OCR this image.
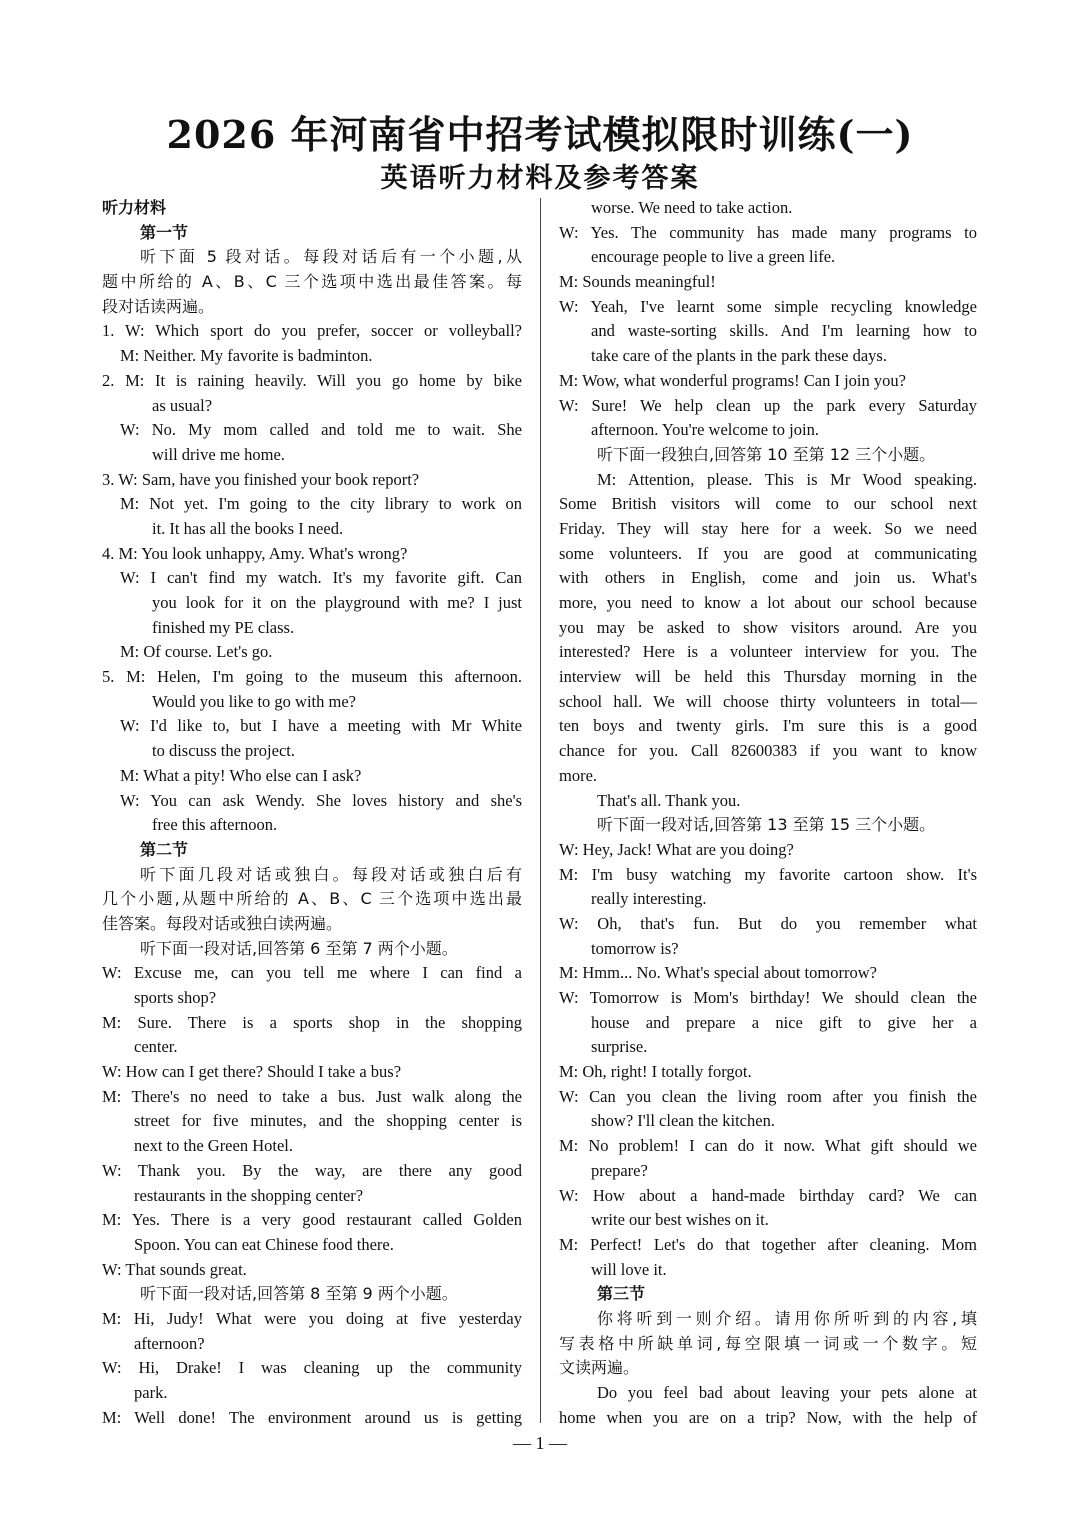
2026 年河南省中招考试模拟限时训练(一)
英语听力材料及参考答案
听力材料
第一节
听下面 5 段对话。每段对话后有一个小题,从
题中所给的 A、B、C 三个选项中选出最佳答案。每
段对话读两遍。
1. W: Which sport do you prefer, soccer or volleyball?
M: Neither. My favorite is badminton.
2. M: It is raining heavily. Will you go home by bike
as usual?
W: No. My mom called and told me to wait. She
will drive me home.
3. W: Sam, have you finished your book report?
M: Not yet. I'm going to the city library to work on
it. It has all the books I need.
4. M: You look unhappy, Amy. What's wrong?
W: I can't find my watch. It's my favorite gift. Can
you look for it on the playground with me? I just
finished my PE class.
M: Of course. Let's go.
5. M: Helen, I'm going to the museum this afternoon.
Would you like to go with me?
W: I'd like to, but I have a meeting with Mr White
to discuss the project.
M: What a pity! Who else can I ask?
W: You can ask Wendy. She loves history and she's
free this afternoon.
第二节
听下面几段对话或独白。每段对话或独白后有
几个小题,从题中所给的 A、B、C 三个选项中选出最
佳答案。每段对话或独白读两遍。
听下面一段对话,回答第 6 至第 7 两个小题。
W: Excuse me, can you tell me where I can find a
sports shop?
M: Sure. There is a sports shop in the shopping
center.
W: How can I get there? Should I take a bus?
M: There's no need to take a bus. Just walk along the
street for five minutes, and the shopping center is
next to the Green Hotel.
W: Thank you. By the way, are there any good
restaurants in the shopping center?
M: Yes. There is a very good restaurant called Golden
Spoon. You can eat Chinese food there.
W: That sounds great.
听下面一段对话,回答第 8 至第 9 两个小题。
M: Hi, Judy! What were you doing at five yesterday
afternoon?
W: Hi, Drake! I was cleaning up the community
park.
M: Well done! The environment around us is getting
worse. We need to take action.
W: Yes. The community has made many programs to
encourage people to live a green life.
M: Sounds meaningful!
W: Yeah, I've learnt some simple recycling knowledge
and waste-sorting skills. And I'm learning how to
take care of the plants in the park these days.
M: Wow, what wonderful programs! Can I join you?
W: Sure! We help clean up the park every Saturday
afternoon. You're welcome to join.
听下面一段独白,回答第 10 至第 12 三个小题。
M: Attention, please. This is Mr Wood speaking.
Some British visitors will come to our school next
Friday. They will stay here for a week. So we need
some volunteers. If you are good at communicating
with others in English, come and join us. What's
more, you need to know a lot about our school because
you may be asked to show visitors around. Are you
interested? Here is a volunteer interview for you. The
interview will be held this Thursday morning in the
school hall. We will choose thirty volunteers in total—
ten boys and twenty girls. I'm sure this is a good
chance for you. Call 82600383 if you want to know
more.
That's all. Thank you.
听下面一段对话,回答第 13 至第 15 三个小题。
W: Hey, Jack! What are you doing?
M: I'm busy watching my favorite cartoon show. It's
really interesting.
W: Oh, that's fun. But do you remember what
tomorrow is?
M: Hmm... No. What's special about tomorrow?
W: Tomorrow is Mom's birthday! We should clean the
house and prepare a nice gift to give her a
surprise.
M: Oh, right! I totally forgot.
W: Can you clean the living room after you finish the
show? I'll clean the kitchen.
M: No problem! I can do it now. What gift should we
prepare?
W: How about a hand-made birthday card? We can
write our best wishes on it.
M: Perfect! Let's do that together after cleaning. Mom
will love it.
第三节
你将听到一则介绍。请用你所听到的内容,填
写表格中所缺单词,每空限填一词或一个数字。短
文读两遍。
Do you feel bad about leaving your pets alone at
home when you are on a trip? Now, with the help of
— 1 —
